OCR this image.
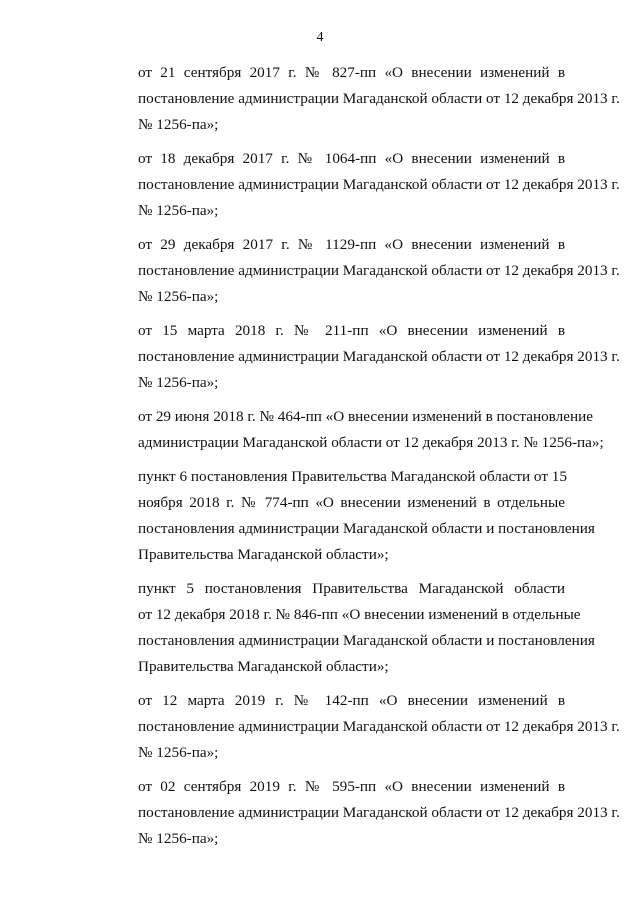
4
от 21 сентября 2017 г. № 827-пп «О внесении изменений в
постановление администрации Магаданской области от 12 декабря 2013 г.
№ 1256-па»;
от 18 декабря 2017 г. № 1064-пп «О внесении изменений в
постановление администрации Магаданской области от 12 декабря 2013 г.
№ 1256-па»;
от 29 декабря 2017 г. № 1129-пп «О внесении изменений в
постановление администрации Магаданской области от 12 декабря 2013 г.
№ 1256-па»;
от 15 марта 2018 г. № 211-пп «О внесении изменений в
постановление администрации Магаданской области от 12 декабря 2013 г.
№ 1256-па»;
от 29 июня 2018 г. № 464-пп «О внесении изменений в постановление
администрации Магаданской области от 12 декабря 2013 г. № 1256-па»;
пункт 6 постановления Правительства Магаданской области от 15
ноября 2018 г. № 774-пп «О внесении изменений в отдельные
постановления администрации Магаданской области и постановления
Правительства Магаданской области»;
пункт 5 постановления Правительства Магаданской области
от 12 декабря 2018 г. № 846-пп «О внесении изменений в отдельные
постановления администрации Магаданской области и постановления
Правительства Магаданской области»;
от 12 марта 2019 г. № 142-пп «О внесении изменений в
постановление администрации Магаданской области от 12 декабря 2013 г.
№ 1256-па»;
от 02 сентября 2019 г. № 595-пп «О внесении изменений в
постановление администрации Магаданской области от 12 декабря 2013 г.
№ 1256-па»;
